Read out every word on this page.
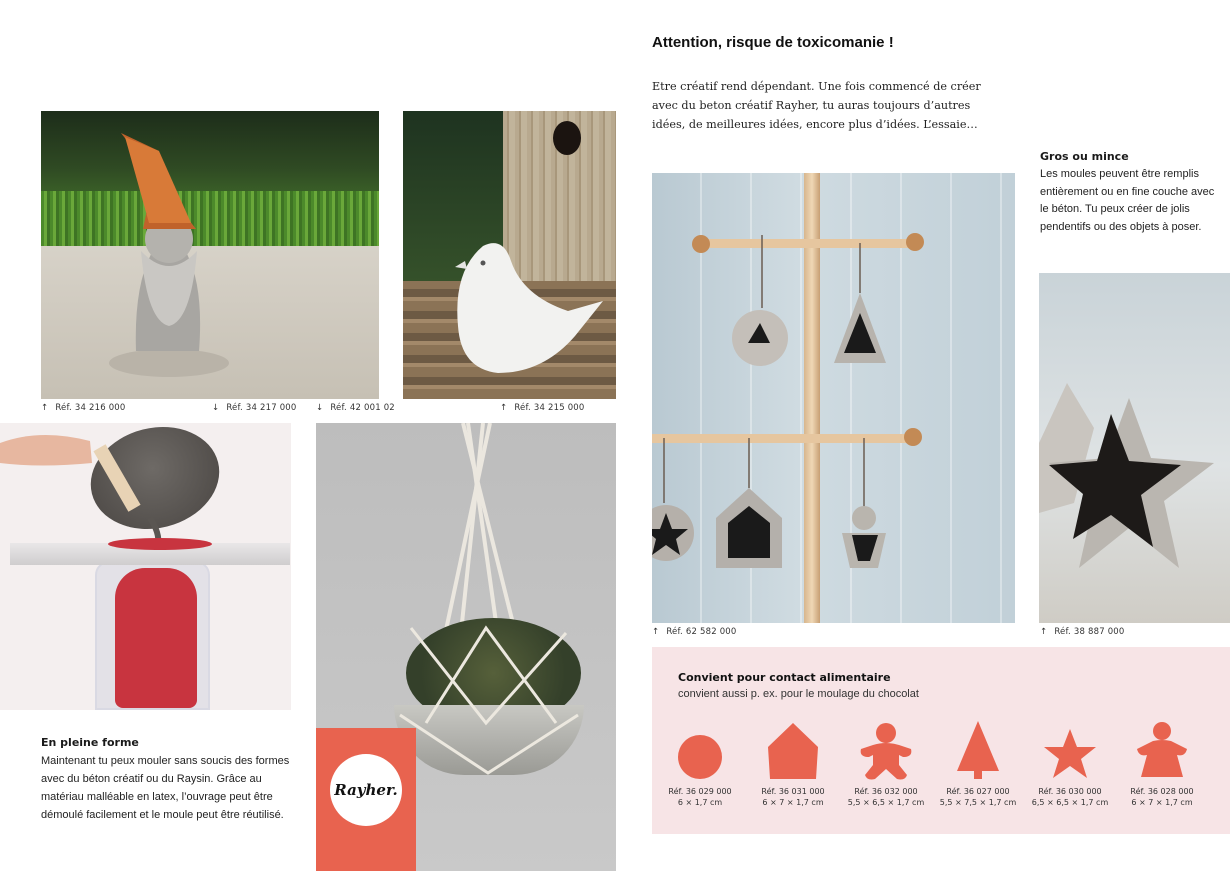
Attention, risque de toxicomanie !
Etre créatif rend dépendant. Une fois commencé de créer avec du beton créatif Rayher, tu auras toujours d’autres idées, de meilleures idées, encore plus d’idées. L’essaie…
↑ Réf. 34 216 000	↓ Réf. 34 217 000 ↓ Réf. 42 001 02	↑ Réf. 34 215 000
Rayher.
↑ Réf. 62 582 000
Gros ou mince
Les moules peuvent être remplis entièrement ou en fine couche avec le béton. Tu peux créer de jolis pendentifs ou des objets à poser.
↑ Réf. 38 887 000
En pleine forme
Maintenant tu peux mouler sans soucis des formes avec du béton créatif ou du Raysin. Grâce au matériau malléable en latex, l’ouvrage peut être démoulé facilement et le moule peut être réutilisé.
Convient pour contact alimentaire
convient aussi p. ex. pour le moulage du chocolat
Réf. 36 029 000
6 × 1,7 cm
Réf. 36 031 000
6 × 7 × 1,7 cm
Réf. 36 032 000
5,5 × 6,5 × 1,7 cm
Réf. 36 027 000
5,5 × 7,5 × 1,7 cm
Réf. 36 030 000
6,5 × 6,5 × 1,7 cm
Réf. 36 028 000
6 × 7 × 1,7 cm
